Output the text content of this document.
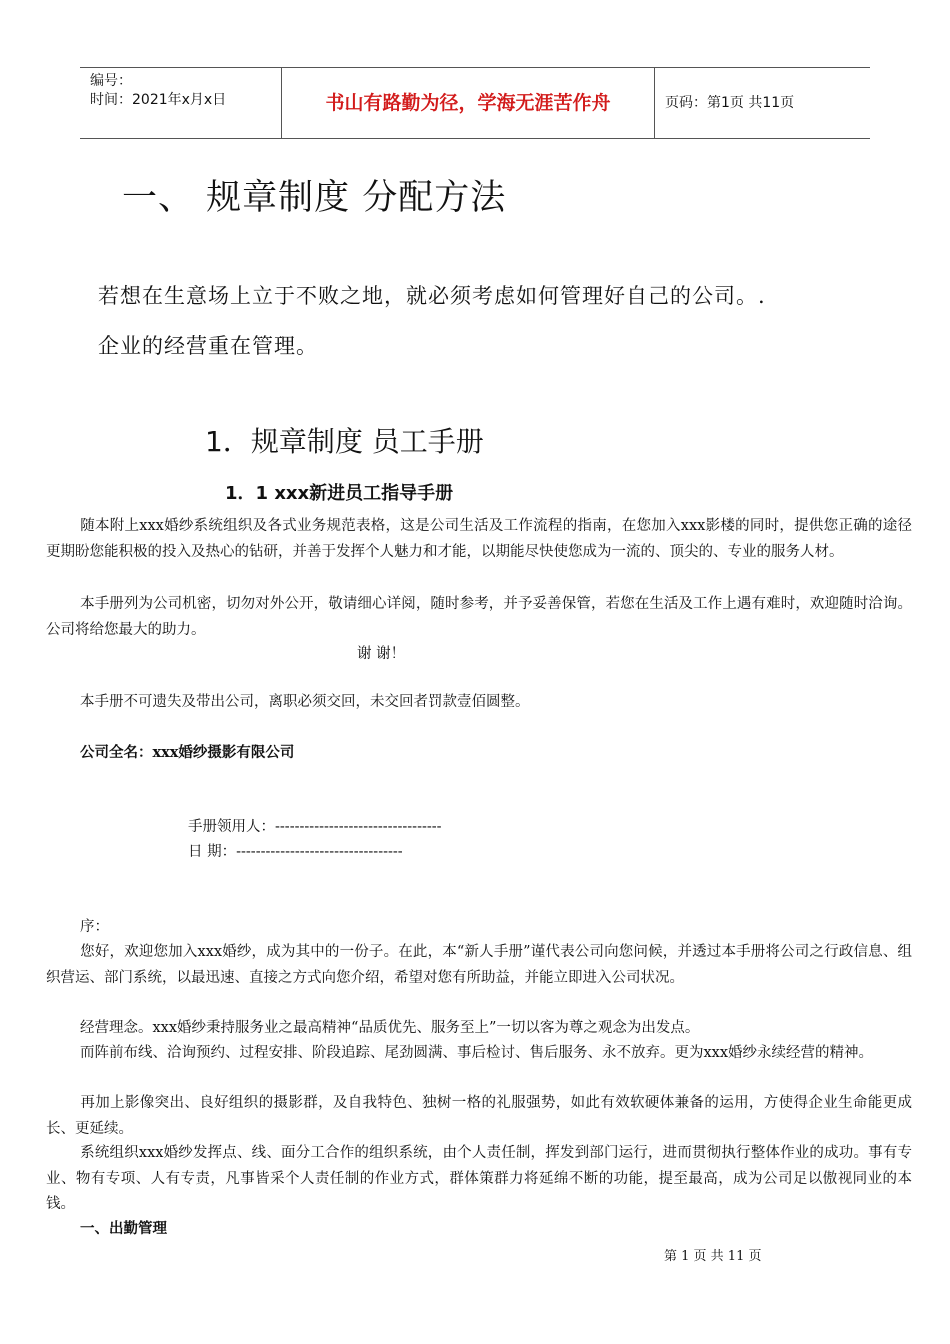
编号：
时间：2021年x月x日	书山有路勤为径，学海无涯苦作舟	页码：第1页 共11页
一、 规章制度 分配方法
若想在生意场上立于不败之地，就必须考虑如何管理好自己的公司。.
企业的经营重在管理。
1．规章制度 员工手册
1．1 xxx新进员工指导手册
随本附上xxx婚纱系统组织及各式业务规范表格，这是公司生活及工作流程的指南，在您加入xxx影楼的同时，提供您正确的途径更期盼您能积极的投入及热心的钻研，并善于发挥个人魅力和才能，以期能尽快使您成为一流的、顶尖的、专业的服务人材。
本手册列为公司机密，切勿对外公开，敬请细心详阅，随时参考，并予妥善保管，若您在生活及工作上遇有难时，欢迎随时洽询。公司将给您最大的助力。
谢 谢！
本手册不可遗失及带出公司，离职必须交回，未交回者罚款壹佰圆整。
公司全名：xxx婚纱摄影有限公司
手册领用人：----------------------------------
日 期：----------------------------------
序：
您好，欢迎您加入xxx婚纱，成为其中的一份子。在此，本“新人手册”谨代表公司向您问候，并透过本手册将公司之行政信息、组织营运、部门系统，以最迅速、直接之方式向您介绍，希望对您有所助益，并能立即进入公司状况。
经营理念。xxx婚纱秉持服务业之最高精神“品质优先、服务至上”一切以客为尊之观念为出发点。
而阵前布线、洽询预约、过程安排、阶段追踪、尾劲圆满、事后检讨、售后服务、永不放弃。更为xxx婚纱永续经营的精神。
再加上影像突出、良好组织的摄影群，及自我特色、独树一格的礼服强势，如此有效软硬体兼备的运用，方使得企业生命能更成长、更延续。
系统组织xxx婚纱发挥点、线、面分工合作的组织系统，由个人责任制，挥发到部门运行，进而贯彻执行整体作业的成功。事有专业、物有专项、人有专责，凡事皆采个人责任制的作业方式，群体策群力将延绵不断的功能，提至最高，成为公司足以傲视同业的本钱。
一、出勤管理
第 1 页 共 11 页
